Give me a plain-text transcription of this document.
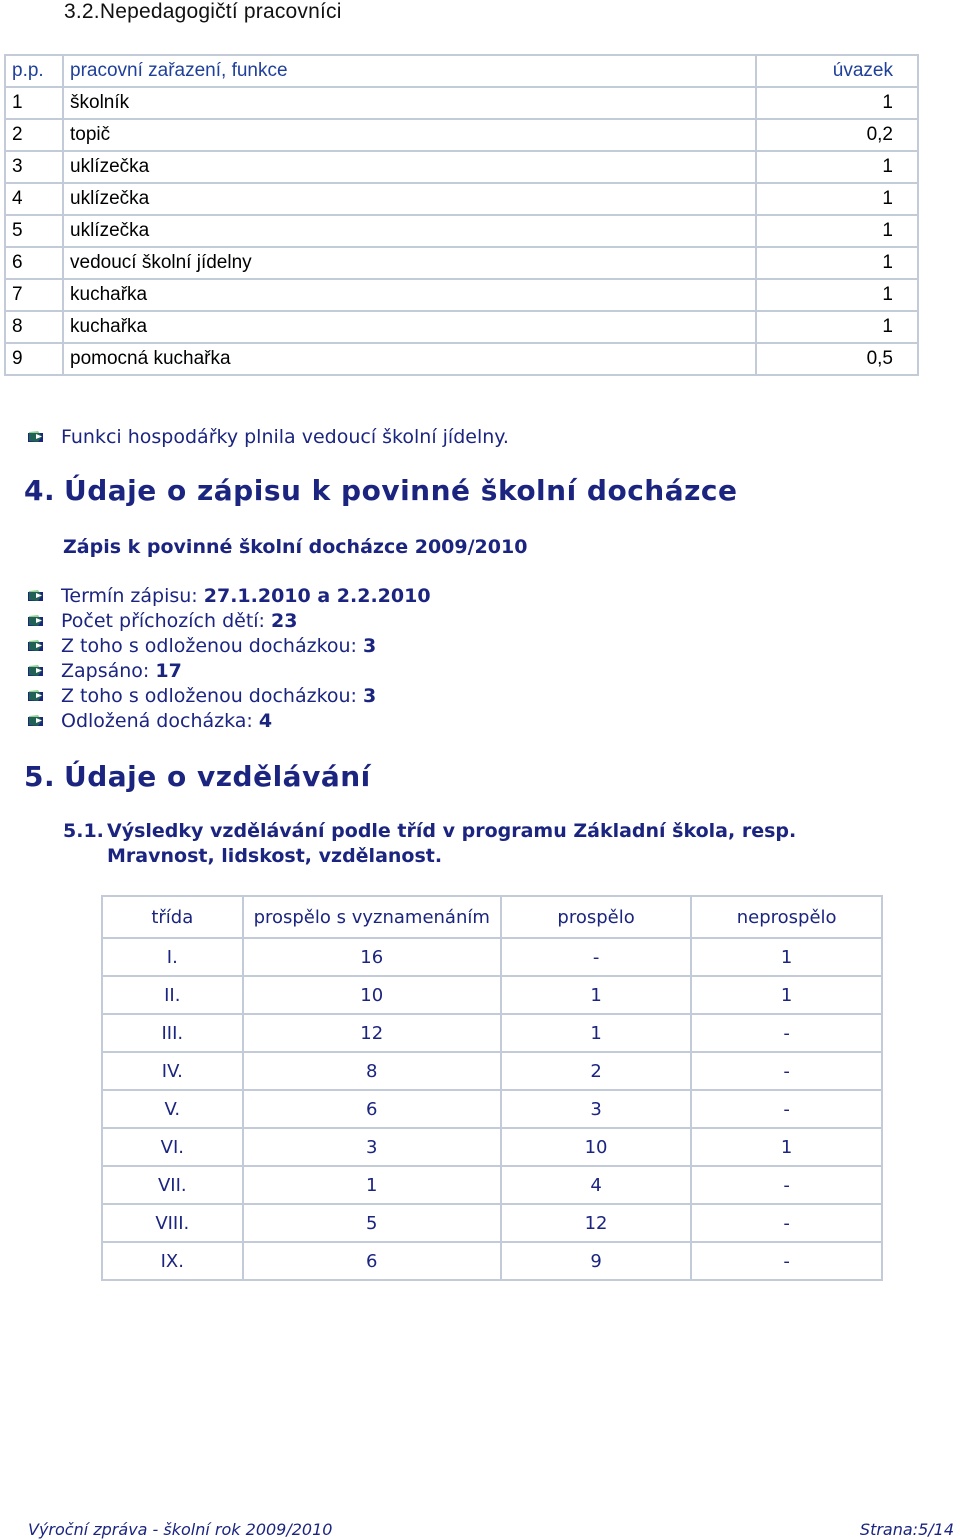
3.2.Nepedagogičtí pracovníci
p.p.	pracovní zařazení, funkce	úvazek
1	školník	1
2	topič	0,2
3	uklízečka	1
4	uklízečka	1
5	uklízečka	1
6	vedoucí školní jídelny	1
7	kuchařka	1
8	kuchařka	1
9	pomocná kuchařka	0,5
Funkci hospodářky plnila vedoucí školní jídelny.
4. Údaje o zápisu k povinné školní docházce
Zápis k povinné školní docházce 2009/2010
Termín zápisu: 27.1.2010 a 2.2.2010
Počet příchozích dětí: 23
Z toho s odloženou docházkou: 3
Zapsáno: 17
Z toho s odloženou docházkou: 3
Odložená docházka: 4
5. Údaje o vzdělávání
5.1. Výsledky vzdělávání podle tříd v programu Základní škola, resp.
Mravnost, lidskost, vzdělanost.
třída	prospělo s vyznamenáním	prospělo	neprospělo
I.	16	-	1
II.	10	1	1
III.	12	1	-
IV.	8	2	-
V.	6	3	-
VI.	3	10	1
VII.	1	4	-
VIII.	5	12	-
IX.	6	9	-
Výroční zpráva - školní rok 2009/2010	Strana:5/14
